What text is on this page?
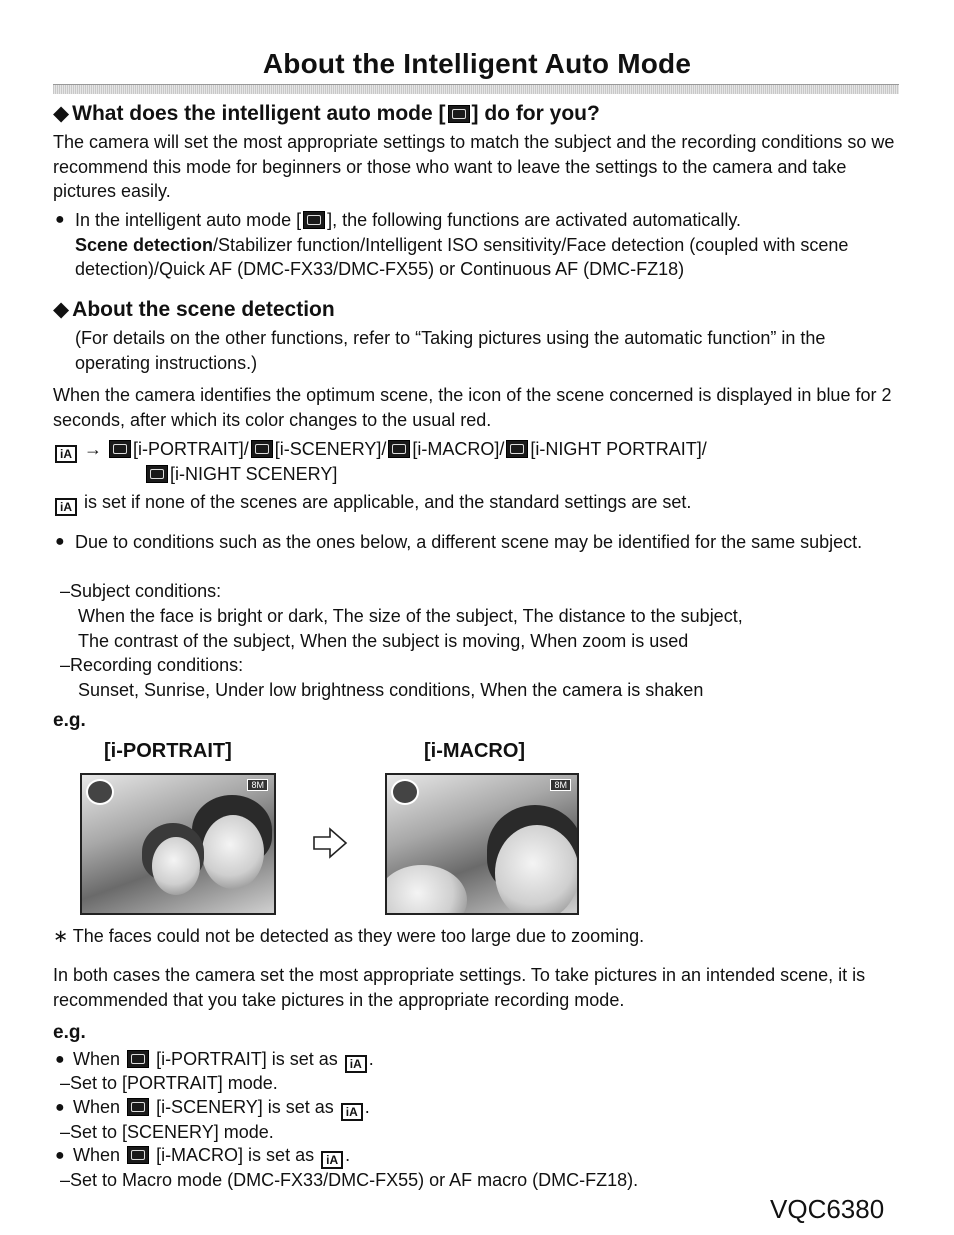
About the Intelligent Auto Mode
◆ What does the intelligent auto mode [ ] do for you?
The camera will set the most appropriate settings to match the subject and the recording conditions so we recommend this mode for beginners or those who want to leave the settings to the camera and take pictures easily.
● In the intelligent auto mode [ ], the following functions are activated automatically.
Scene detection/Stabilizer function/Intelligent ISO sensitivity/Face detection (coupled with scene detection)/Quick AF (DMC-FX33/DMC-FX55) or Continuous AF (DMC-FZ18)
◆ About the scene detection
(For details on the other functions, refer to “Taking pictures using the automatic function” in the operating instructions.)
When the camera identifies the optimum scene, the icon of the scene concerned is displayed in blue for 2 seconds, after which its color changes to the usual red.
iA → [i-PORTRAIT]/ [i-SCENERY]/ [i-MACRO]/ [i-NIGHT PORTRAIT]/
[i-NIGHT SCENERY]
iA is set if none of the scenes are applicable, and the standard settings are set.
● Due to conditions such as the ones below, a different scene may be identified for the same subject.
–Subject conditions:
When the face is bright or dark, The size of the subject, The distance to the subject,
The contrast of the subject, When the subject is moving, When zoom is used
–Recording conditions:
Sunset, Sunrise, Under low brightness conditions, When the camera is shaken
e.g.
[i-PORTRAIT]	[i-MACRO]
8M	8M
∗ The faces could not be detected as they were too large due to zooming.
In both cases the camera set the most appropriate settings. To take pictures in an intended scene, it is recommended that you take pictures in the appropriate recording mode.
e.g.
● When [i-PORTRAIT] is set as iA .
–Set to [PORTRAIT] mode.
● When [i-SCENERY] is set as iA .
–Set to [SCENERY] mode.
● When [i-MACRO] is set as iA .
–Set to Macro mode (DMC-FX33/DMC-FX55) or AF macro (DMC-FZ18).
VQC6380
